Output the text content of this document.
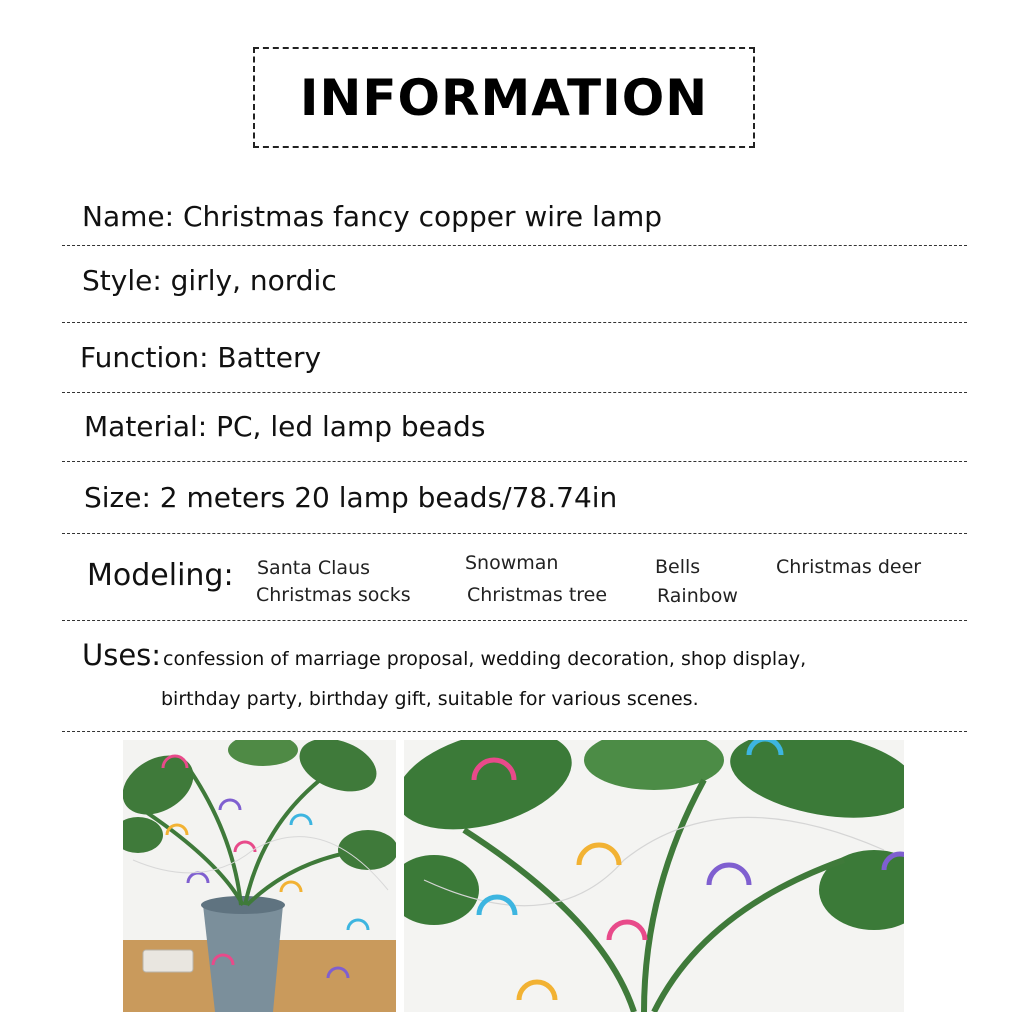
INFORMATION
Name: Christmas fancy copper wire lamp
Style: girly, nordic
Function: Battery
Material: PC, led lamp beads
Size: 2 meters 20 lamp beads/78.74in
Modeling: Santa Claus	Snowman	Bells	Christmas deer
Christmas socks	Christmas tree	Rainbow
Uses: confession of marriage proposal, wedding decoration, shop display,
birthday party, birthday gift, suitable for various scenes.
